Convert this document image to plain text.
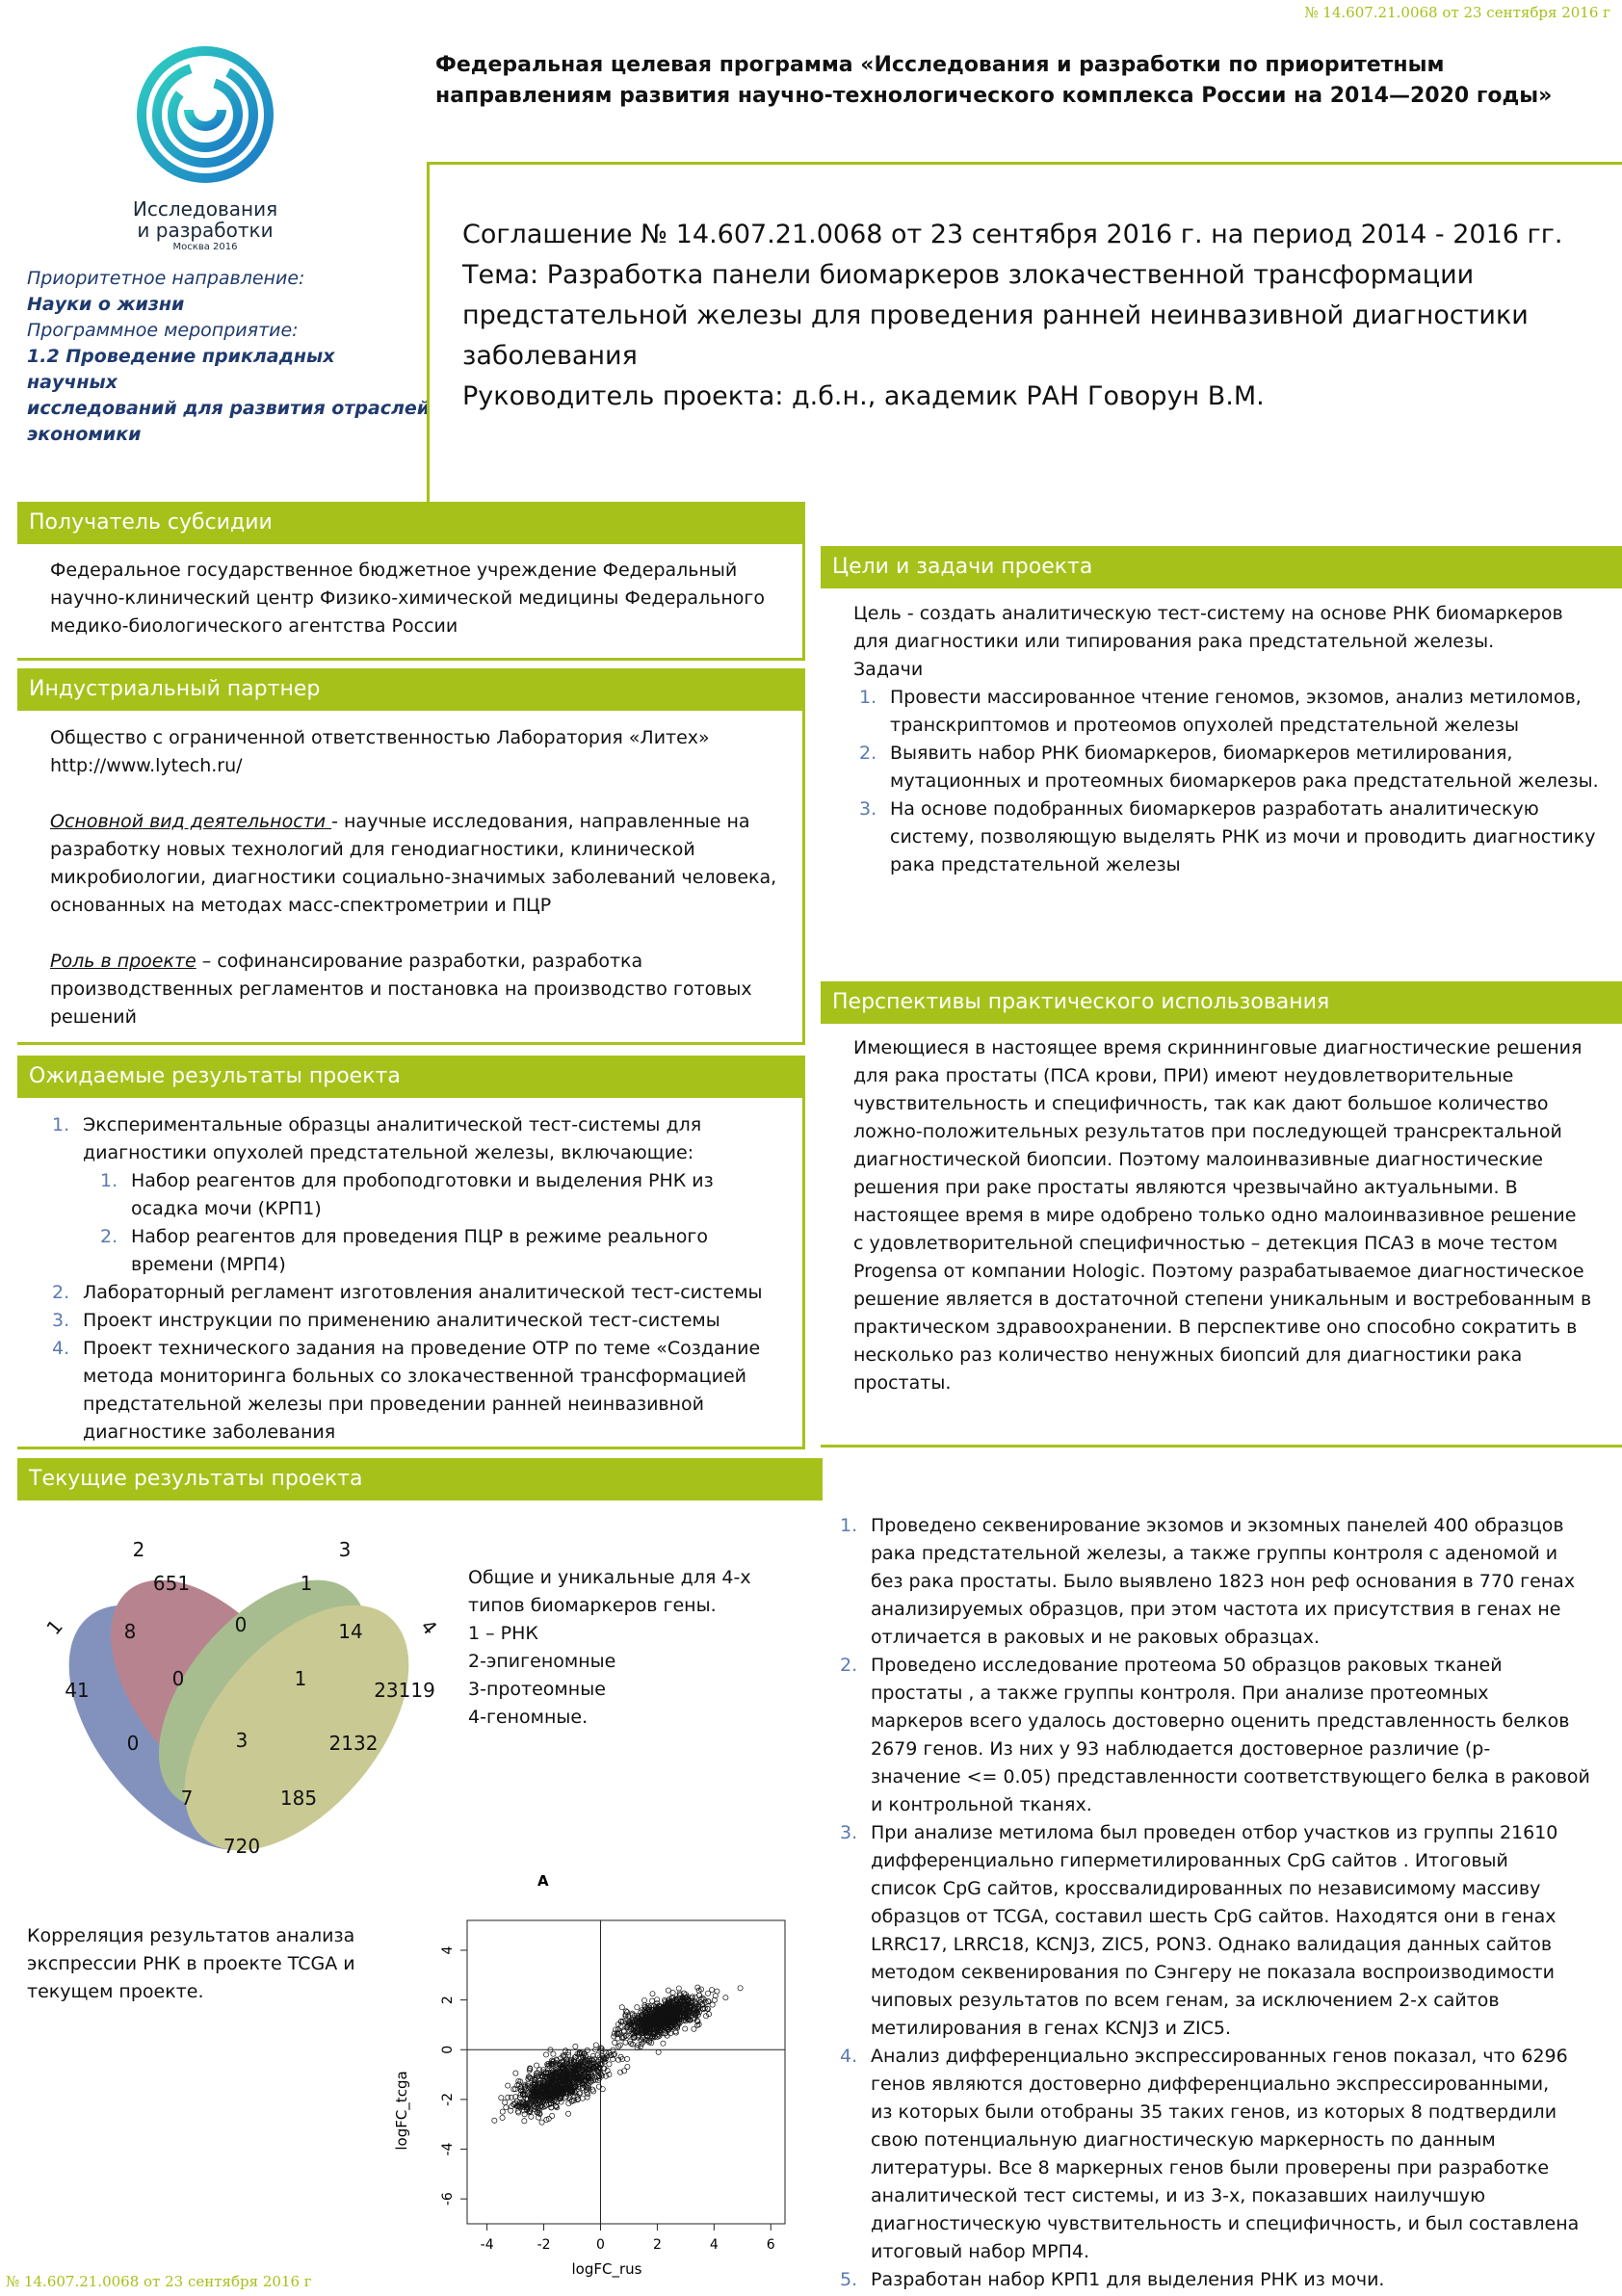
№ 14.607.21.0068 от 23 сентября 2016 г
№ 14.607.21.0068 от 23 сентября 2016 г
Исследования
и разработки
Москва 2016
Федеральная целевая программа «Исследования и разработки по приоритетным
направлениям развития научно-технологического комплекса России на 2014—2020 годы»
Приоритетное направление:
Науки о жизни
Программное мероприятие:
1.2 Проведение прикладных научных
исследований для развития отраслей
экономики
Соглашение № 14.607.21.0068 от 23 сентября 2016 г. на период 2014 - 2016 гг.
Тема: Разработка панели биомаркеров злокачественной трансформации
предстательной железы для проведения ранней неинвазивной диагностики
заболевания
Руководитель проекта: д.б.н., академик РАН Говорун В.М.
Получатель субсидии
Федеральное государственное бюджетное учреждение Федеральный
научно-клинический центр Физико-химической медицины Федерального
медико-биологического агентства России
Индустриальный партнер
Общество с ограниченной ответственностью Лаборатория «Литех»
http://www.lytech.ru/
Основной вид деятельности - научные исследования, направленные на
разработку новых технологий для генодиагностики, клинической
микробиологии, диагностики социально-значимых заболеваний человека,
основанных на методах масс-спектрометрии и ПЦР
Роль в проекте – софинансирование разработки, разработка
производственных регламентов и постановка на производство готовых
решений
Ожидаемые результаты проекта
1. Экспериментальные образцы аналитической тест-системы для
диагностики опухолей предстательной железы, включающие:
1. Набор реагентов для пробоподготовки и выделения РНК из
осадка мочи (КРП1)
2. Набор реагентов для проведения ПЦР в режиме реального
времени (МРП4)
2. Лабораторный регламент изготовления аналитической тест-системы
3. Проект инструкции по применению аналитической тест-системы
4. Проект технического задания на проведение ОТР по теме «Создание
метода мониторинга больных со злокачественной трансформацией
предстательной железы при проведении ранней неинвазивной
диагностике заболевания
Цели и задачи проекта
Цель - создать аналитическую тест-систему на основе РНК биомаркеров
для диагностики или типирования рака предстательной железы.
Задачи
1. Провести массированное чтение геномов, экзомов, анализ метиломов,
транскриптомов и протеомов опухолей предстательной железы
2. Выявить набор РНК биомаркеров, биомаркеров метилирования,
мутационных и протеомных биомаркеров рака предстательной железы.
3. На основе подобранных биомаркеров разработать аналитическую
систему, позволяющую выделять РНК из мочи и проводить диагностику
рака предстательной железы
Перспективы практического использования
Имеющиеся в настоящее время скриннинговые диагностические решения
для рака простаты (ПСА крови, ПРИ) имеют неудовлетворительные
чувствительность и специфичность, так как дают большое количество
ложно-положительных результатов при последующей трансректальной
диагностической биопсии. Поэтому малоинвазивные диагностические
решения при раке простаты являются чрезвычайно актуальными. В
настоящее время в мире одобрено только одно малоинвазивное решение
с удовлетворительной специфичностью – детекция ПСА3 в моче тестом
Progensa от компании Hologic. Поэтому разрабатываемое диагностическое
решение является в достаточной степени уникальным и востребованным в
практическом здравоохранении. В перспективе оно способно сократить в
несколько раз количество ненужных биопсий для диагностики рака
простаты.
Текущие результаты проекта
1. Проведено секвенирование экзомов и экзомных панелей 400 образцов
рака предстательной железы, а также группы контроля с аденомой и
без рака простаты. Было выявлено 1823 нон реф основания в 770 генах
анализируемых образцов, при этом частота их присутствия в генах не
отличается в раковых и не раковых образцах.
2. Проведено исследование протеома 50 образцов раковых тканей
простаты , а также группы контроля. При анализе протеомных
маркеров всего удалось достоверно оценить представленность белков
2679 генов. Из них у 93 наблюдается достоверное различие (р-
значение <= 0.05) представленности соответствующего белка в раковой
и контрольной тканях.
3. При анализе метилома был проведен отбор участков из группы 21610
дифференциально гиперметилированных CpG сайтов . Итоговый
список CpG сайтов, кроссвалидированных по независимому массиву
образцов от TCGA, составил шесть CpG сайтов. Находятся они в генах
LRRC17, LRRC18, KCNJ3, ZIC5, PON3. Однако валидация данных сайтов
методом секвенирования по Сэнгеру не показала воспроизводимости
чиповых результатов по всем генам, за исключением 2-х сайтов
метилирования в генах KCNJ3 и ZIC5.
4. Анализ дифференциально экспрессированных генов показал, что 6296
генов являются достоверно дифференциально экспрессированными,
из которых были отобраны 35 таких генов, из которых 8 подтвердили
свою потенциальную диагностическую маркерность по данным
литературы. Все 8 маркерных генов были проверены при разработке
аналитической тест системы, и из 3-х, показавших наилучшую
диагностическую чувствительность и специфичность, и был составлена
итоговый набор МРП4.
5. Разработан набор КРП1 для выделения РНК из мочи.
1
2	3
4
651	1
8	0	14
41	0	1	23119
0	3	2132
7	185
720
Общие и уникальные для 4-х
типов биомаркеров гены.
1 – РНК
2-эпигеномные
3-протеомные
4-геномные.
Корреляция результатов анализа
экспрессии РНК в проекте TCGA и
текущем проекте.
A
-4	-2	0	2	4	6
4
2
0
-2
-4
-6
logFC_rus
logFC_tcga
